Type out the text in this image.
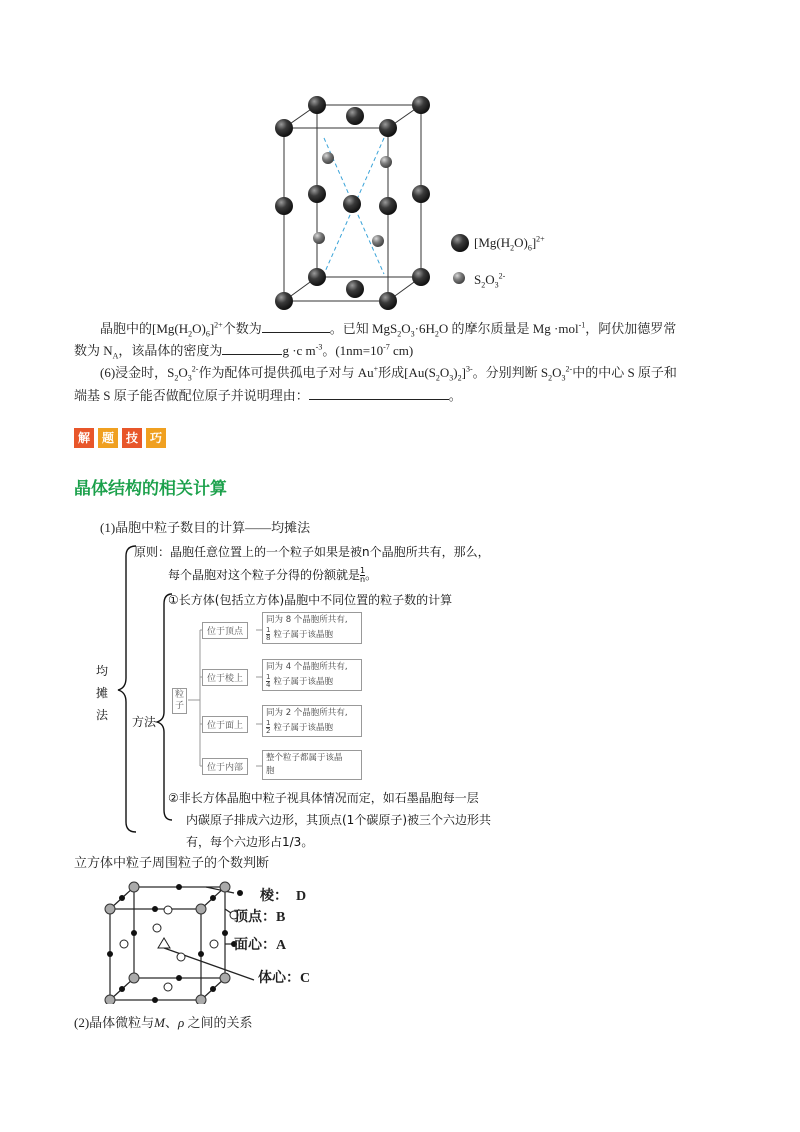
$[Mg(H_2O)_6]^{2+}$
$S_2O_3^{2-}$
晶胞中的$[Mg(H_2O)_6]^{2+}$个数为	。已知 $MgS_2O_3\cdot 6H_2O$ 的摩尔质量是 Mg ·mol$^{-1}$，阿伏加德罗常
数为 $N_A$，该晶体的密度为	g ·c $m^{-3}$。($1nm=10^{-7}$ cm)
(6)浸金时，$S_2O_3^{2-}$作为配体可提供孤电子对与 Au+形成$[Au(S_2O_3)_2]^{3-}$。分别判断 $S_2O_3^{2-}$中的中心 S 原子和
端基 S 原子能否做配位原子并说明理由：	。
解 题 技 巧
晶体结构的相关计算
(1)晶胞中粒子数目的计算——均摊法
均
摊
法 方法
原则：晶胞任意位置上的一个粒子如果是被n个晶胞所共有，那么，
每个晶胞对这个粒子分得的份额就是 $\frac{1}{n}$ 。
①长方体(包括立方体)晶胞中不同位置的粒子数的计算
粒子
位于顶点
位于棱上
位于面上
位于内部
同为 8 个晶胞所共有,
$\frac{1}{8}$ 粒子属于该晶胞
同为 4 个晶胞所共有,
$\frac{1}{4}$ 粒子属于该晶胞
同为 2 个晶胞所共有,
$\frac{1}{2}$ 粒子属于该晶胞
整个粒子都属于该晶
胞
②非长方体晶胞中粒子视具体情况而定，如石墨晶胞每一层
内碳原子排成六边形，其顶点(1个碳原子)被三个六边形共
有，每个六边形占1/3。
立方体中粒子周围粒子的个数判断
棱： D
顶点：B
面心：A
体心：C
(2)晶体微粒与M、ρ 之间的关系
